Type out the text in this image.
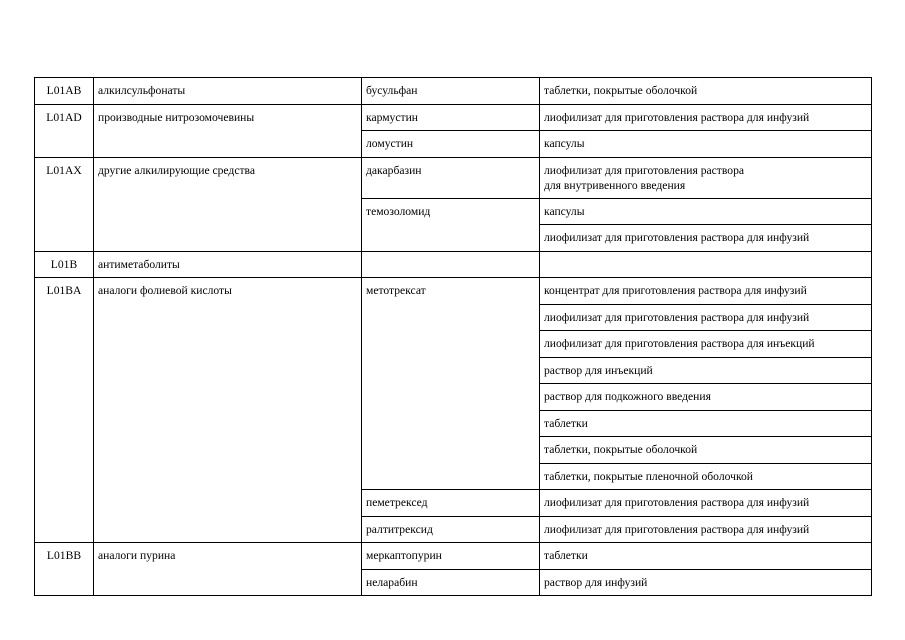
L01AB	алкилсульфонаты	бусульфан	таблетки, покрытые оболочкой
L01AD	производные нитрозомочевины	кармустин	лиофилизат для приготовления раствора для инфузий
		ломустин	капсулы
L01AX	другие алкилирующие средства	дакарбазин	лиофилизат для приготовления раствора
для внутривенного введения
		темозоломид	капсулы
			лиофилизат для приготовления раствора для инфузий
L01B	антиметаболиты		
L01BA	аналоги фолиевой кислоты	метотрексат	концентрат для приготовления раствора для инфузий
			лиофилизат для приготовления раствора для инфузий
			лиофилизат для приготовления раствора для инъекций
			раствор для инъекций
			раствор для подкожного введения
			таблетки
			таблетки, покрытые оболочкой
			таблетки, покрытые пленочной оболочкой
		пеметрексед	лиофилизат для приготовления раствора для инфузий
		ралтитрексид	лиофилизат для приготовления раствора для инфузий
L01BB	аналоги пурина	меркаптопурин	таблетки
		неларабин	раствор для инфузий
